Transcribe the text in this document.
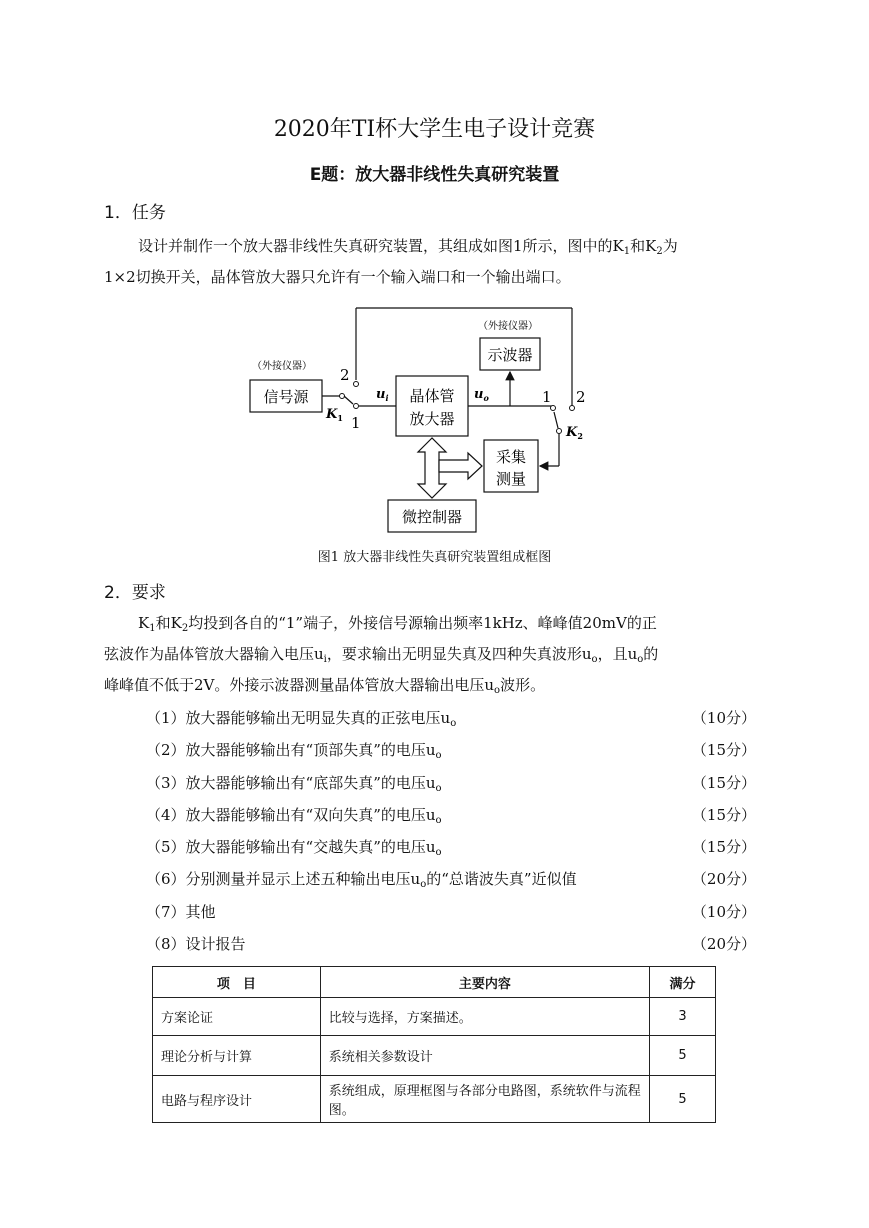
2020年TI杯大学生电子设计竞赛
E题：放大器非线性失真研究装置
1．任务
设计并制作一个放大器非线性失真研究装置，其组成如图1所示，图中的$K_1$和$K_2$为
1×2切换开关，晶体管放大器只允许有一个输入端口和一个输出端口。
（外接仪器）
（外接仪器）
信号源
2
1
$K_1$
$u_i$ 晶体管
放大器
$u_o$
示波器
1 2
$K_2$
采集
测量
微控制器
图1 放大器非线性失真研究装置组成框图
2．要求
$K_1$和$K_2$均投到各自的“1”端子，外接信号源输出频率1kHz、峰峰值20mV的正
弦波作为晶体管放大器输入电压$u_i$，要求输出无明显失真及四种失真波形$u_o$，且$u_o$的
峰峰值不低于2V。外接示波器测量晶体管放大器输出电压$u_o$波形。
（1）放大器能够输出无明显失真的正弦电压$u_o$	（10分）
（2）放大器能够输出有“顶部失真”的电压$u_o$	（15分）
（3）放大器能够输出有“底部失真”的电压$u_o$	（15分）
（4）放大器能够输出有“双向失真”的电压$u_o$	（15分）
（5）放大器能够输出有“交越失真”的电压$u_o$	（15分）
（6）分别测量并显示上述五种输出电压$u_o$的“总谐波失真”近似值	（20分）
（7）其他	（10分）
（8）设计报告	（20分）
项　目	主要内容	满分
方案论证	比较与选择，方案描述。	3
理论分析与计算	系统相关参数设计	5
电路与程序设计	系统组成，原理框图与各部分电路图，系统软件与流程图。	5
